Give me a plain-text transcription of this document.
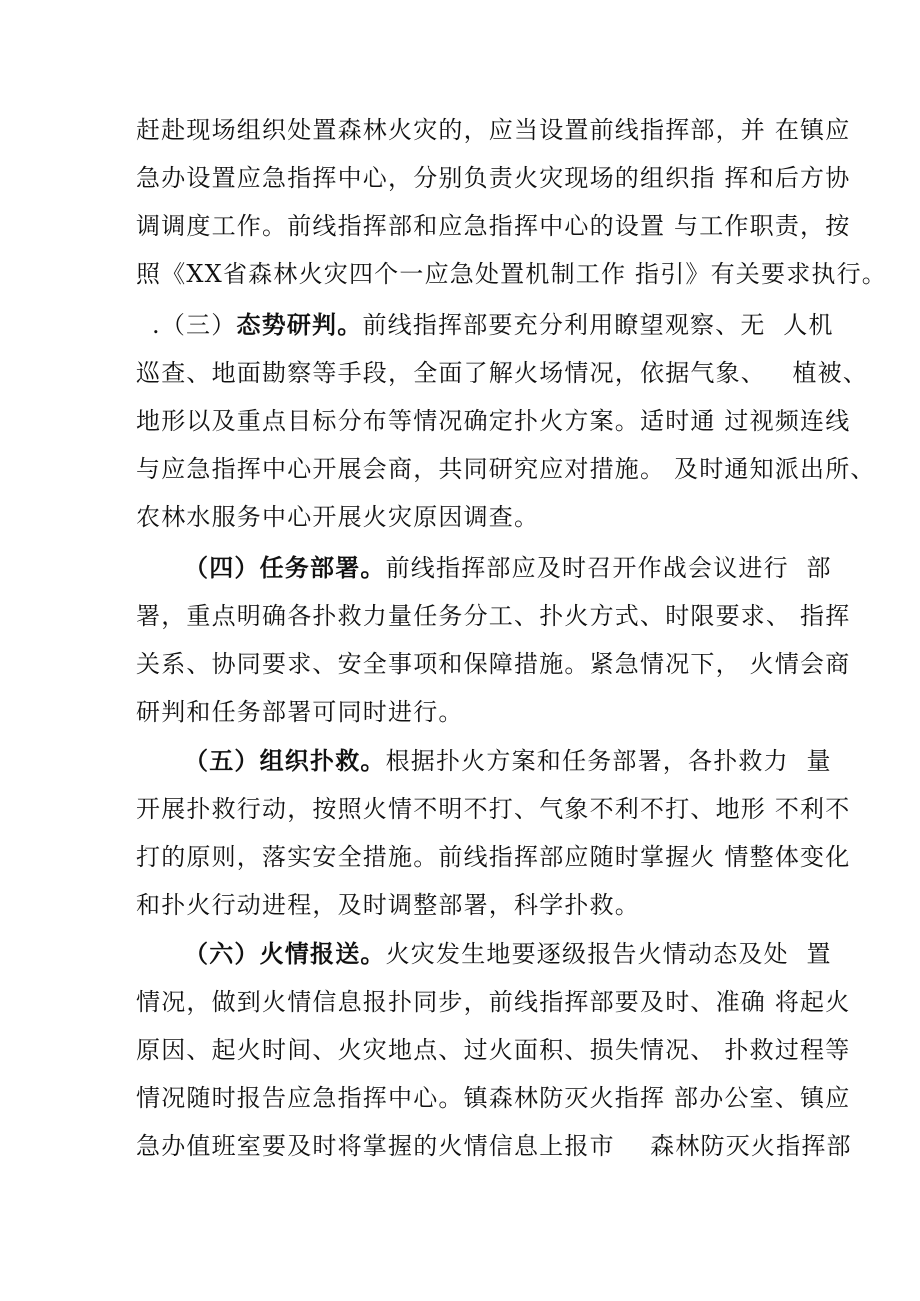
赶赴现场组织处置森林火灾的，应当设置前线指挥部，并 在镇应
急办设置应急指挥中心，分别负责火灾现场的组织指 挥和后方协
调调度工作。前线指挥部和应急指挥中心的设置 与工作职责，按
照《XX省森林火灾四个一应急处置机制工作 指引》有关要求执行。
.（三）态势研判。前线指挥部要充分利用瞭望观察、无  人机
巡查、地面勘察等手段，全面了解火场情况，依据气象、   植被、
地形以及重点目标分布等情况确定扑火方案。适时通 过视频连线
与应急指挥中心开展会商，共同研究应对措施。 及时通知派出所、
农林水服务中心开展火灾原因调查。
（四）任务部署。前线指挥部应及时召开作战会议进行  部
署，重点明确各扑救力量任务分工、扑火方式、时限要求、 指挥
关系、协同要求、安全事项和保障措施。紧急情况下， 火情会商
研判和任务部署可同时进行。
（五）组织扑救。根据扑火方案和任务部署，各扑救力  量
开展扑救行动，按照火情不明不打、气象不利不打、地形 不利不
打的原则，落实安全措施。前线指挥部应随时掌握火 情整体变化
和扑火行动进程，及时调整部署，科学扑救。
（六）火情报送。火灾发生地要逐级报告火情动态及处  置
情况，做到火情信息报扑同步，前线指挥部要及时、准确 将起火
原因、起火时间、火灾地点、过火面积、损失情况、 扑救过程等
情况随时报告应急指挥中心。镇森林防灭火指挥 部办公室、镇应
急办值班室要及时将掌握的火情信息上报市    森林防灭火指挥部
